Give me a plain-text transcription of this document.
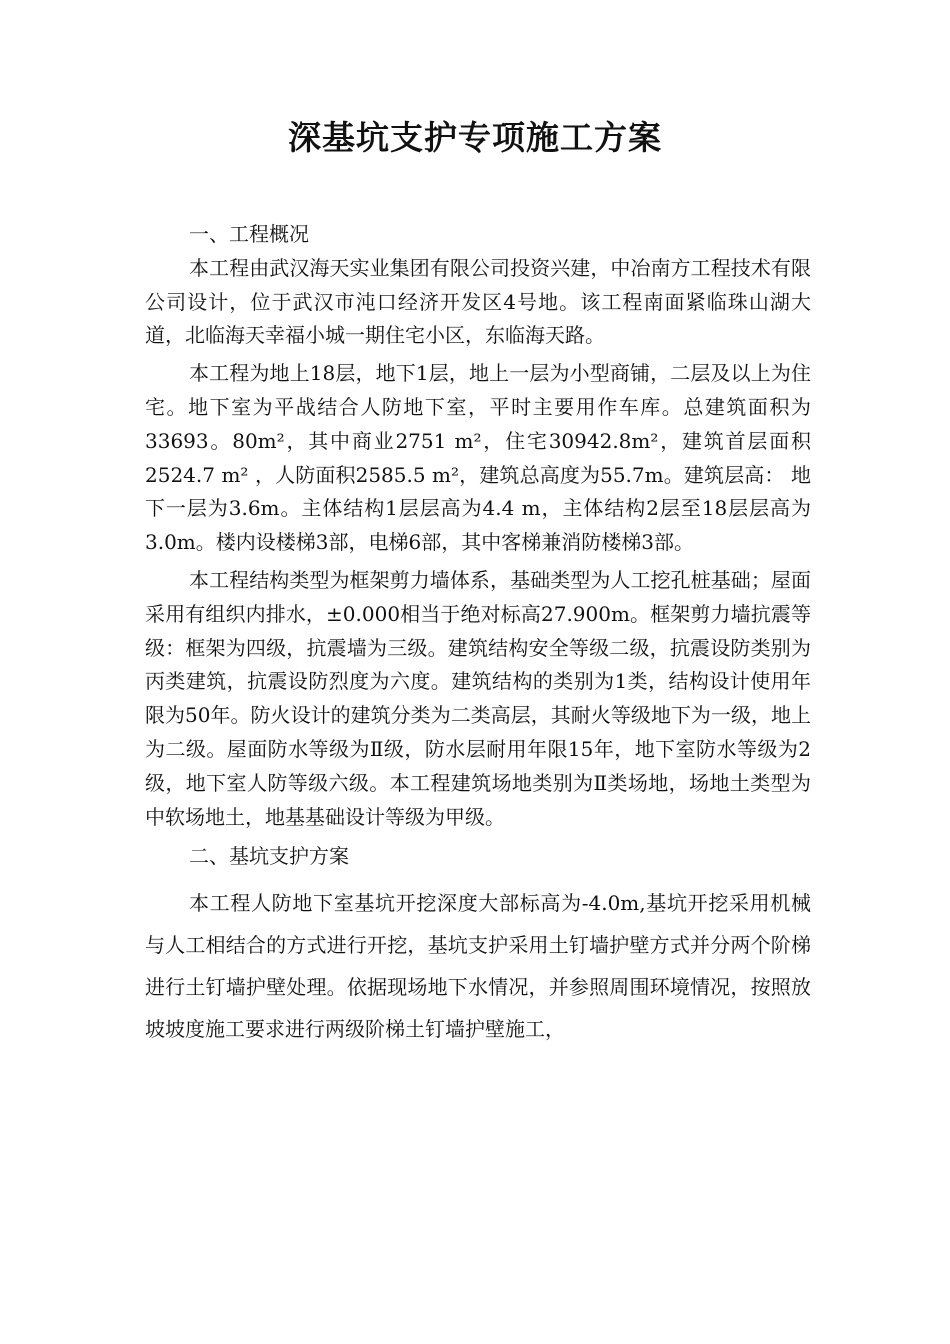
深基坑支护专项施工方案

一、工程概况

本工程由武汉海天实业集团有限公司投资兴建，中冶南方工程技术有限公司设计，位于武汉市沌口经济开发区4号地。该工程南面紧临珠山湖大道，北临海天幸福小城一期住宅小区，东临海天路。

本工程为地上18层，地下1层，地上一层为小型商铺，二层及以上为住宅。地下室为平战结合人防地下室，平时主要用作车库。总建筑面积为33693。80m²，其中商业2751 m²，住宅30942.8m²，建筑首层面积2524.7 m² ，人防面积2585.5 m²，建筑总高度为55.7m。建筑层高： 地下一层为3.6m。主体结构1层层高为4.4 m，主体结构2层至18层层高为3.0m。楼内设楼梯3部，电梯6部，其中客梯兼消防楼梯3部。

本工程结构类型为框架剪力墙体系，基础类型为人工挖孔桩基础；屋面采用有组织内排水，±0.000相当于绝对标高27.900m。框架剪力墙抗震等级：框架为四级，抗震墙为三级。建筑结构安全等级二级，抗震设防类别为丙类建筑，抗震设防烈度为六度。建筑结构的类别为1类，结构设计使用年限为50年。防火设计的建筑分类为二类高层，其耐火等级地下为一级，地上为二级。屋面防水等级为Ⅱ级，防水层耐用年限15年，地下室防水等级为2级，地下室人防等级六级。本工程建筑场地类别为Ⅱ类场地，场地土类型为中软场地土，地基基础设计等级为甲级。

二、基坑支护方案

本工程人防地下室基坑开挖深度大部标高为-4.0m,基坑开挖采用机械与人工相结合的方式进行开挖，基坑支护采用土钉墙护壁方式并分两个阶梯进行土钉墙护壁处理。依据现场地下水情况，并参照周围环境情况，按照放坡坡度施工要求进行两级阶梯土钉墙护壁施工，
